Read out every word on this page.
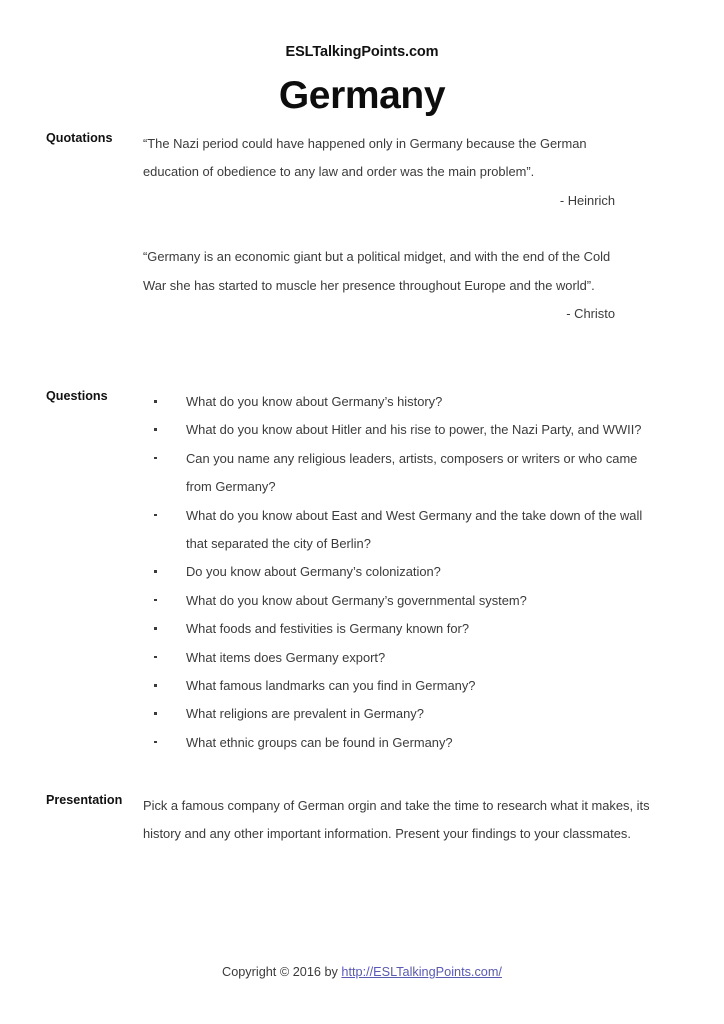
ESLTalkingPoints.com
Germany
Quotations	“The Nazi period could have happened only in Germany because the German education of obedience to any law and order was the main problem”.
- Heinrich
“Germany is an economic giant but a political midget, and with the end of the Cold War she has started to muscle her presence throughout Europe and the world”.
- Christo
Questions	What do you know about Germany’s history?
What do you know about Hitler and his rise to power, the Nazi Party, and WWII?
Can you name any religious leaders, artists, composers or writers or who came from Germany?
What do you know about East and West Germany and the take down of the wall that separated the city of Berlin?
Do you know about Germany’s colonization?
What do you know about Germany’s governmental system?
What foods and festivities is Germany known for?
What items does Germany export?
What famous landmarks can you find in Germany?
What religions are prevalent in Germany?
What ethnic groups can be found in Germany?
Presentation	Pick a famous company of German orgin and take the time to research what it makes, its history and any other important information. Present your findings to your classmates.
Copyright © 2016 by http://ESLTalkingPoints.com/
